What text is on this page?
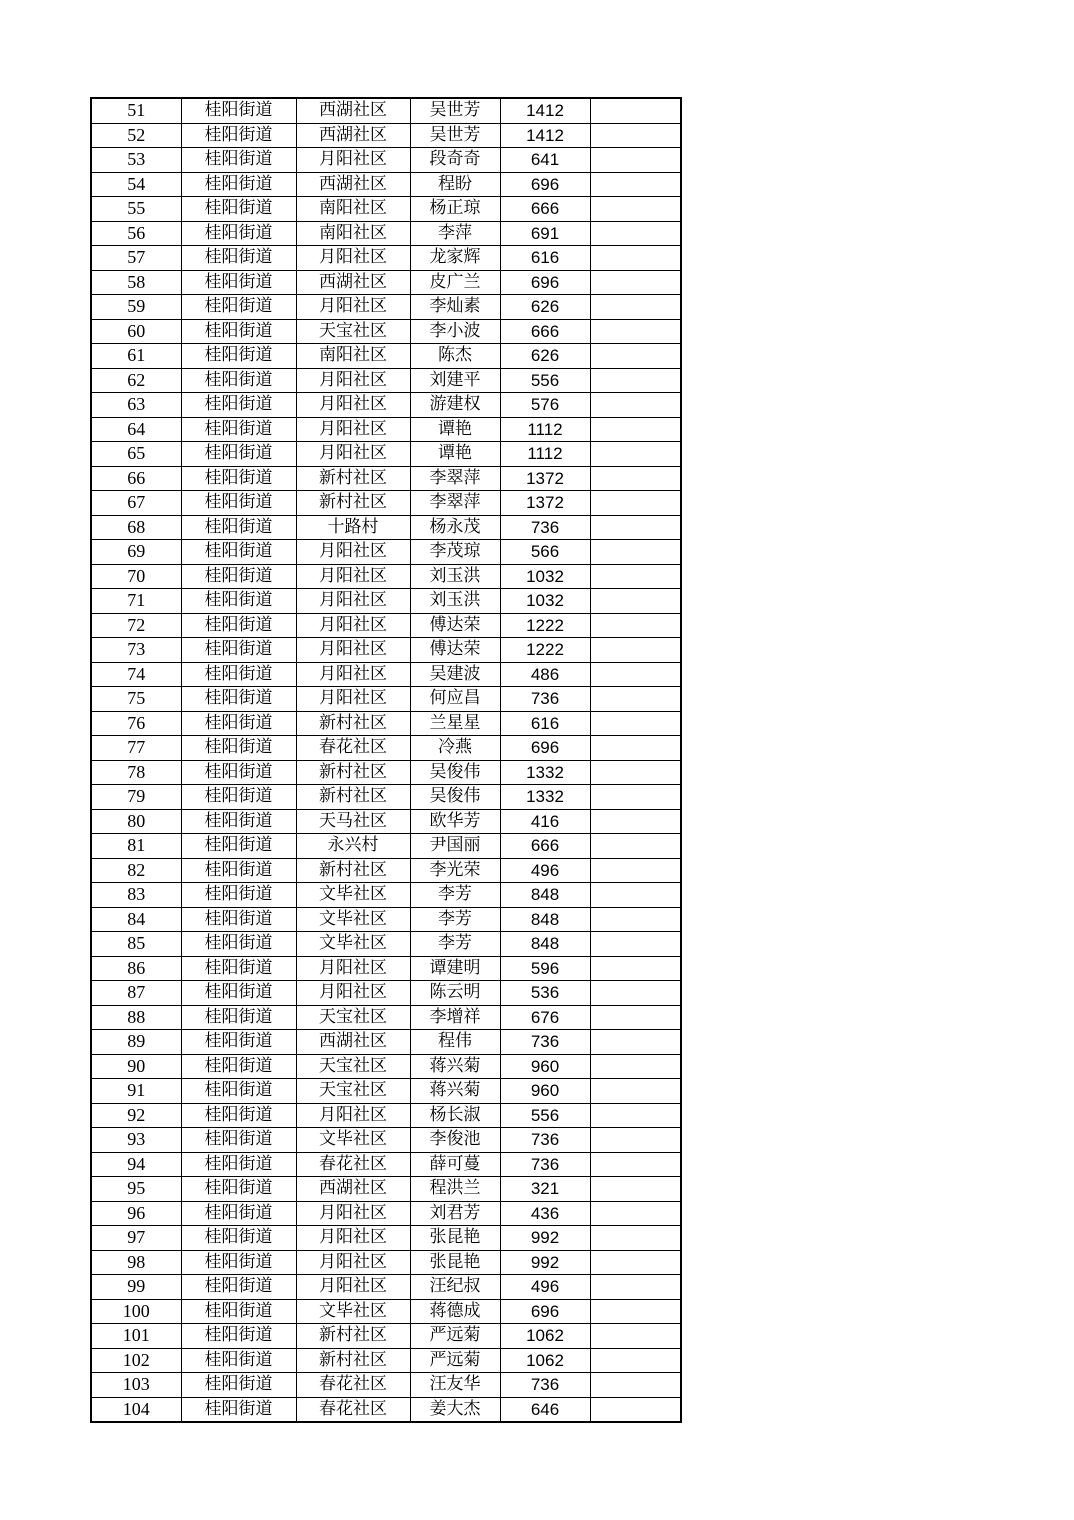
51	桂阳街道	西湖社区	吴世芳	1412	
52	桂阳街道	西湖社区	吴世芳	1412	
53	桂阳街道	月阳社区	段奇奇	641	
54	桂阳街道	西湖社区	程盼	696	
55	桂阳街道	南阳社区	杨正琼	666	
56	桂阳街道	南阳社区	李萍	691	
57	桂阳街道	月阳社区	龙家辉	616	
58	桂阳街道	西湖社区	皮广兰	696	
59	桂阳街道	月阳社区	李灿素	626	
60	桂阳街道	天宝社区	李小波	666	
61	桂阳街道	南阳社区	陈杰	626	
62	桂阳街道	月阳社区	刘建平	556	
63	桂阳街道	月阳社区	游建权	576	
64	桂阳街道	月阳社区	谭艳	1112	
65	桂阳街道	月阳社区	谭艳	1112	
66	桂阳街道	新村社区	李翠萍	1372	
67	桂阳街道	新村社区	李翠萍	1372	
68	桂阳街道	十路村	杨永茂	736	
69	桂阳街道	月阳社区	李茂琼	566	
70	桂阳街道	月阳社区	刘玉洪	1032	
71	桂阳街道	月阳社区	刘玉洪	1032	
72	桂阳街道	月阳社区	傅达荣	1222	
73	桂阳街道	月阳社区	傅达荣	1222	
74	桂阳街道	月阳社区	吴建波	486	
75	桂阳街道	月阳社区	何应昌	736	
76	桂阳街道	新村社区	兰星星	616	
77	桂阳街道	春花社区	冷燕	696	
78	桂阳街道	新村社区	吴俊伟	1332	
79	桂阳街道	新村社区	吴俊伟	1332	
80	桂阳街道	天马社区	欧华芳	416	
81	桂阳街道	永兴村	尹国丽	666	
82	桂阳街道	新村社区	李光荣	496	
83	桂阳街道	文毕社区	李芳	848	
84	桂阳街道	文毕社区	李芳	848	
85	桂阳街道	文毕社区	李芳	848	
86	桂阳街道	月阳社区	谭建明	596	
87	桂阳街道	月阳社区	陈云明	536	
88	桂阳街道	天宝社区	李增祥	676	
89	桂阳街道	西湖社区	程伟	736	
90	桂阳街道	天宝社区	蒋兴菊	960	
91	桂阳街道	天宝社区	蒋兴菊	960	
92	桂阳街道	月阳社区	杨长淑	556	
93	桂阳街道	文毕社区	李俊池	736	
94	桂阳街道	春花社区	薛可蔓	736	
95	桂阳街道	西湖社区	程洪兰	321	
96	桂阳街道	月阳社区	刘君芳	436	
97	桂阳街道	月阳社区	张昆艳	992	
98	桂阳街道	月阳社区	张昆艳	992	
99	桂阳街道	月阳社区	汪纪叔	496	
100	桂阳街道	文毕社区	蒋德成	696	
101	桂阳街道	新村社区	严远菊	1062	
102	桂阳街道	新村社区	严远菊	1062	
103	桂阳街道	春花社区	汪友华	736	
104	桂阳街道	春花社区	姜大杰	646	
